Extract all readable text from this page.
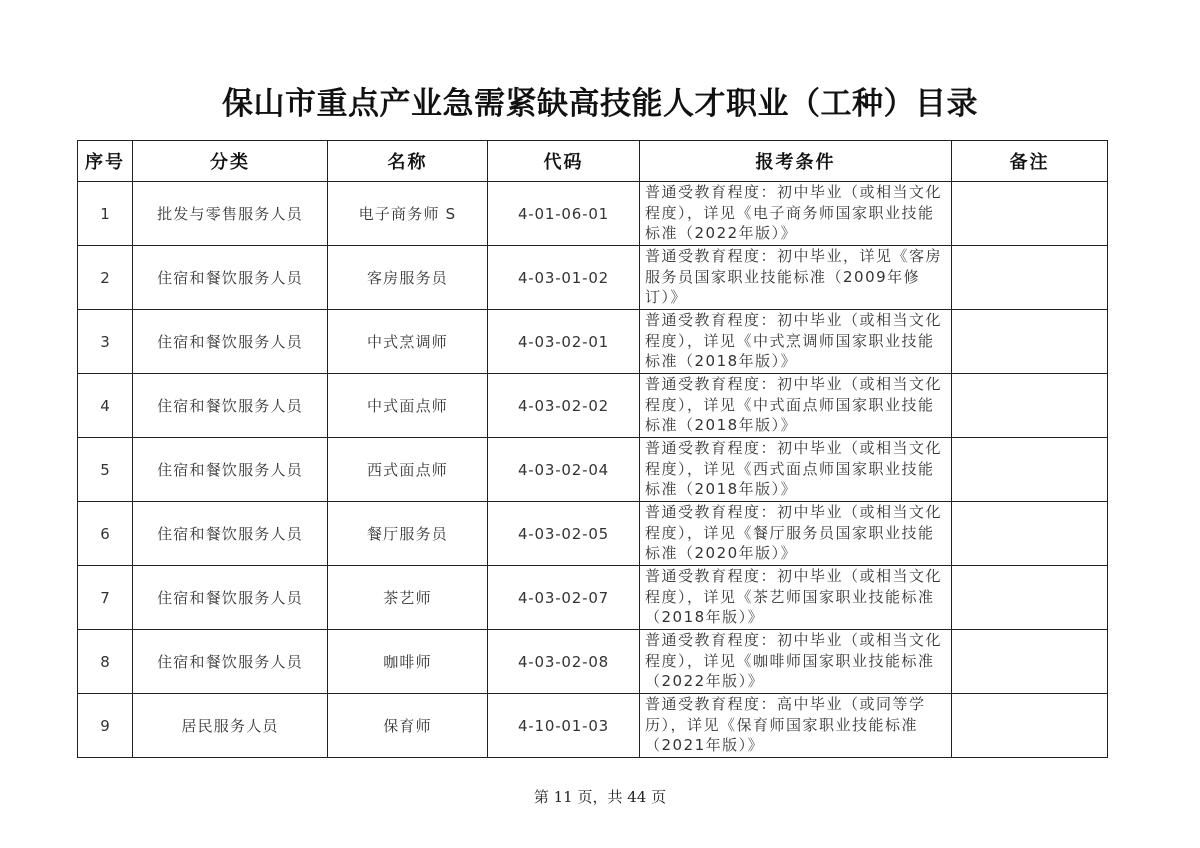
保山市重点产业急需紧缺高技能人才职业（工种）目录
序号	分类	名称	代码	报考条件	备注
1	批发与零售服务人员	电子商务师 S	4-01-06-01	普通受教育程度：初中毕业（或相当文化程度），详见《电子商务师国家职业技能标准（2022年版）》	
2	住宿和餐饮服务人员	客房服务员	4-03-01-02	普通受教育程度：初中毕业，详见《客房服务员国家职业技能标准（2009年修订）》	
3	住宿和餐饮服务人员	中式烹调师	4-03-02-01	普通受教育程度：初中毕业（或相当文化程度），详见《中式烹调师国家职业技能标准（2018年版）》	
4	住宿和餐饮服务人员	中式面点师	4-03-02-02	普通受教育程度：初中毕业（或相当文化程度），详见《中式面点师国家职业技能标准（2018年版）》	
5	住宿和餐饮服务人员	西式面点师	4-03-02-04	普通受教育程度：初中毕业（或相当文化程度），详见《西式面点师国家职业技能标准（2018年版）》	
6	住宿和餐饮服务人员	餐厅服务员	4-03-02-05	普通受教育程度：初中毕业（或相当文化程度），详见《餐厅服务员国家职业技能标准（2020年版）》	
7	住宿和餐饮服务人员	茶艺师	4-03-02-07	普通受教育程度：初中毕业（或相当文化程度），详见《茶艺师国家职业技能标准（2018年版）》	
8	住宿和餐饮服务人员	咖啡师	4-03-02-08	普通受教育程度：初中毕业（或相当文化程度），详见《咖啡师国家职业技能标准（2022年版）》	
9	居民服务人员	保育师	4-10-01-03	普通受教育程度：高中毕业（或同等学历），详见《保育师国家职业技能标准（2021年版）》	
第 11 页，共 44 页
